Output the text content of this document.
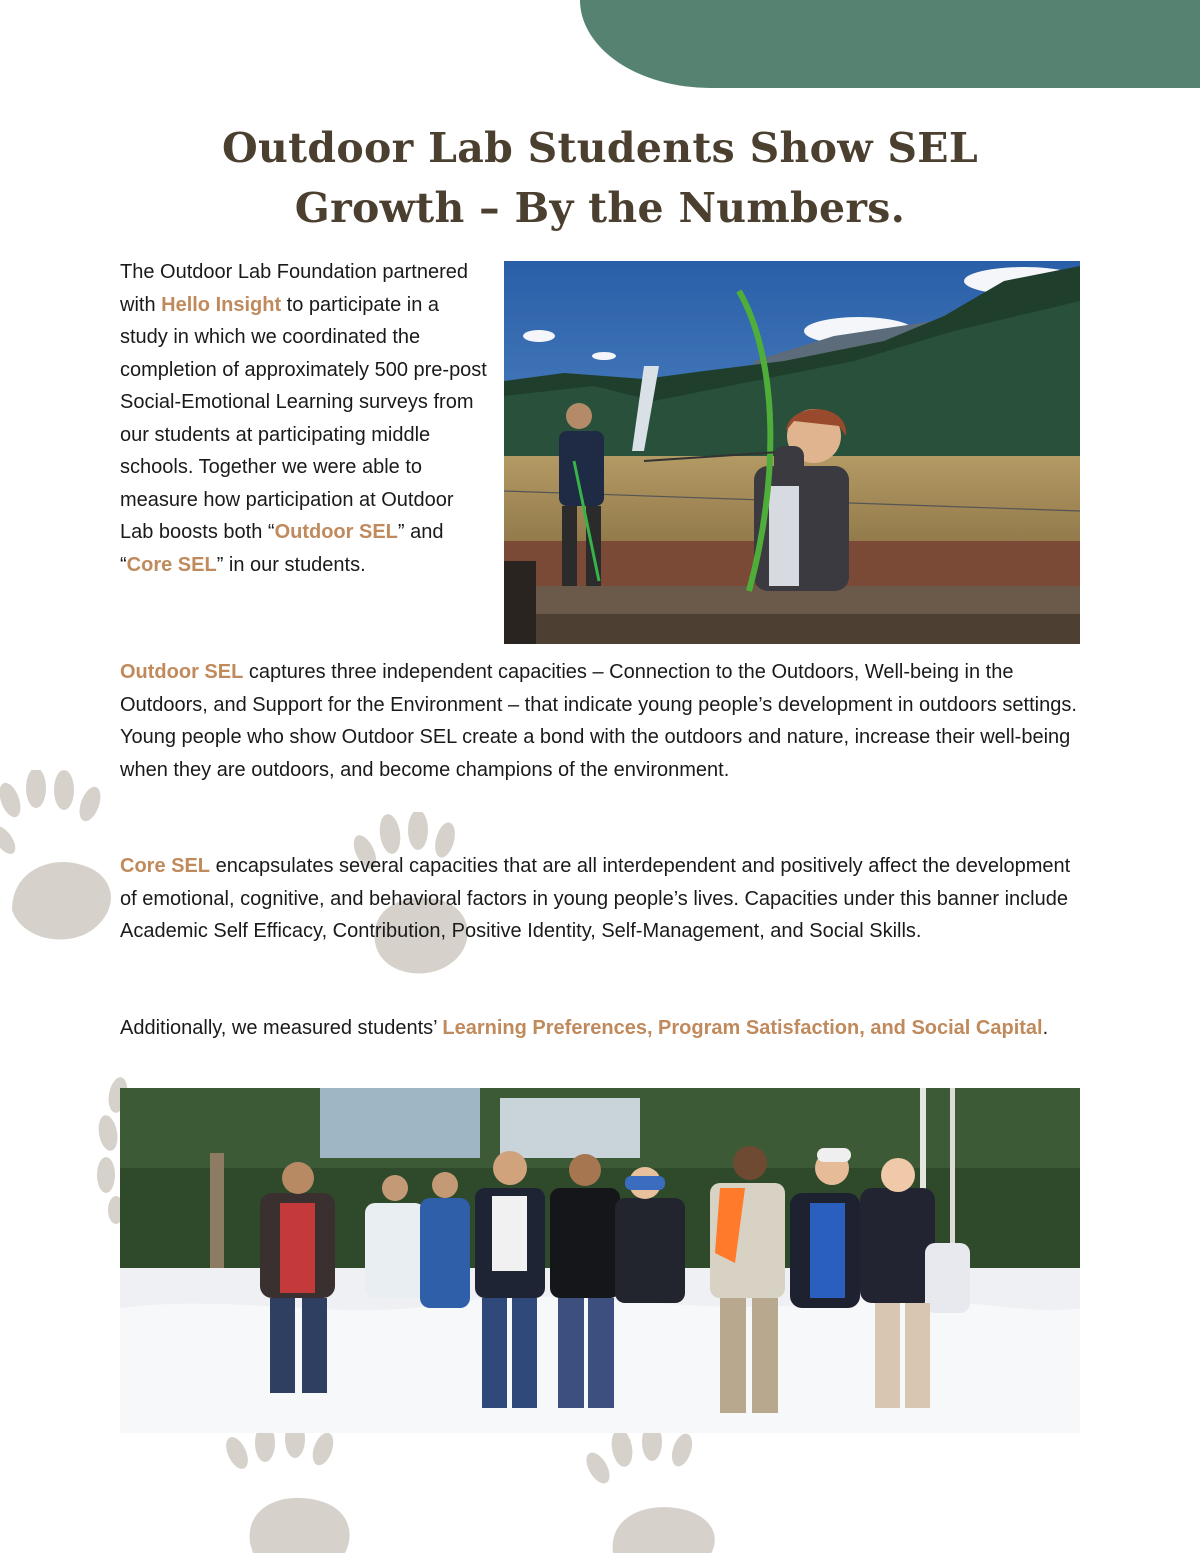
Outdoor Lab Students Show SEL
Growth – By the Numbers.

The Outdoor Lab Foundation partnered with Hello Insight to participate in a study in which we coordinated the completion of approximately 500 pre-post Social-Emotional Learning surveys from our students at participating middle schools. Together we were able to measure how participation at Outdoor Lab boosts both “Outdoor SEL” and “Core SEL” in our students.

Outdoor SEL captures three independent capacities – Connection to the Outdoors, Well-being in the Outdoors, and Support for the Environment – that indicate young people’s development in outdoors settings. Young people who show Outdoor SEL create a bond with the outdoors and nature, increase their well-being when they are outdoors, and become champions of the environment.

Core SEL encapsulates several capacities that are all interdependent and positively affect the development of emotional, cognitive, and behavioral factors in young people’s lives. Capacities under this banner include Academic Self Efficacy, Contribution, Positive Identity, Self-Management, and Social Skills.

Additionally, we measured students’ Learning Preferences, Program Satisfaction, and Social Capital.
